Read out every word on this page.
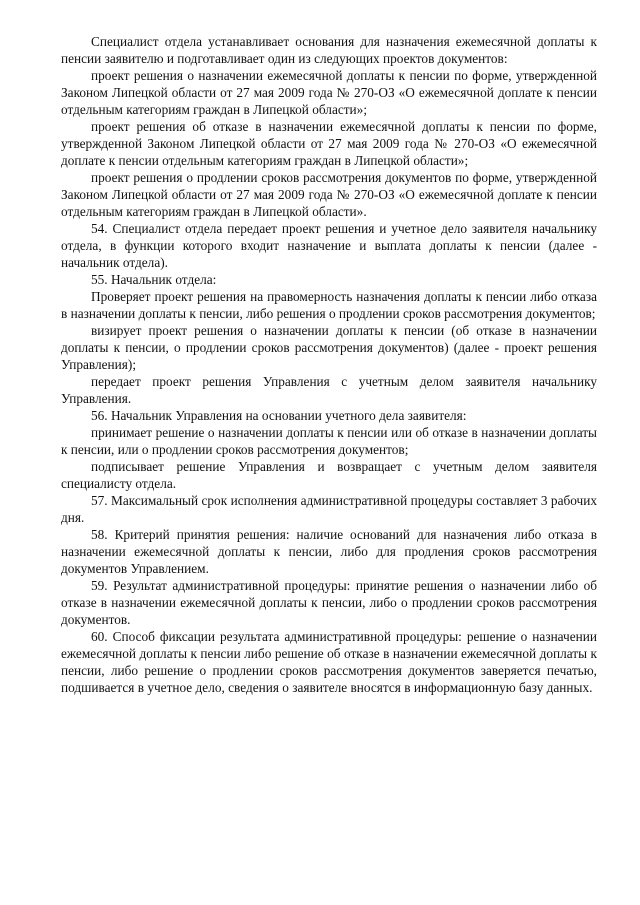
Специалист отдела устанавливает основания для назначения ежемесячной доплаты к пенсии заявителю и подготавливает один из следующих проектов документов:

проект решения о назначении ежемесячной доплаты к пенсии по форме, утвержденной Законом Липецкой области от 27 мая 2009 года № 270-ОЗ «О ежемесячной доплате к пенсии отдельным категориям граждан в Липецкой области»;

проект решения об отказе в назначении ежемесячной доплаты к пенсии по форме, утвержденной Законом Липецкой области от 27 мая 2009 года № 270-ОЗ «О ежемесячной доплате к пенсии отдельным категориям граждан в Липецкой области»;

проект решения о продлении сроков рассмотрения документов по форме, утвержденной Законом Липецкой области от 27 мая 2009 года № 270-ОЗ «О ежемесячной доплате к пенсии отдельным категориям граждан в Липецкой области».

54. Специалист отдела передает проект решения и учетное дело заявителя начальнику отдела, в функции которого входит назначение и выплата доплаты к пенсии (далее - начальник отдела).

55. Начальник отдела:

Проверяет проект решения на правомерность назначения доплаты к пенсии либо отказа в назначении доплаты к пенсии, либо решения о продлении сроков рассмотрения документов;

визирует проект решения о назначении доплаты к пенсии (об отказе в назначении доплаты к пенсии, о продлении сроков рассмотрения документов) (далее - проект решения Управления);

передает проект решения Управления с учетным делом заявителя начальнику Управления.

56. Начальник Управления на основании учетного дела заявителя:

принимает решение о назначении доплаты к пенсии или об отказе в назначении доплаты к пенсии, или о продлении сроков рассмотрения документов;

подписывает решение Управления и возвращает с учетным делом заявителя специалисту отдела.

57. Максимальный срок исполнения административной процедуры составляет 3 рабочих дня.

58. Критерий принятия решения: наличие оснований для назначения либо отказа в назначении ежемесячной доплаты к пенсии, либо для продления сроков рассмотрения документов Управлением.

59. Результат административной процедуры: принятие решения о назначении либо об отказе в назначении ежемесячной доплаты к пенсии, либо о продлении сроков рассмотрения документов.

60. Способ фиксации результата административной процедуры: решение о назначении ежемесячной доплаты к пенсии либо решение об отказе в назначении ежемесячной доплаты к пенсии, либо решение о продлении сроков рассмотрения документов заверяется печатью, подшивается в учетное дело, сведения о заявителе вносятся в информационную базу данных.
